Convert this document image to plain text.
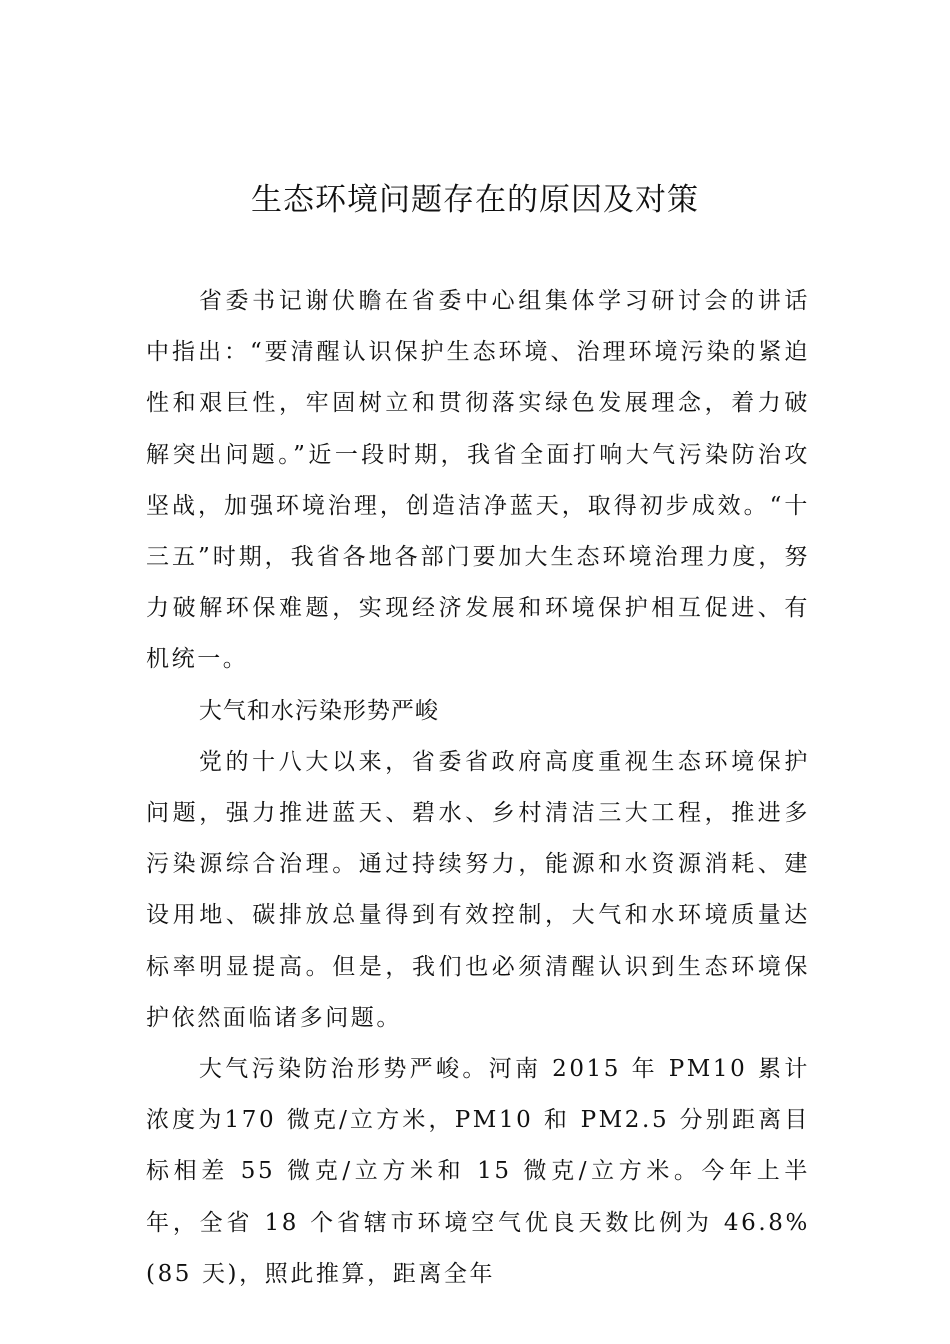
生态环境问题存在的原因及对策

省委书记谢伏瞻在省委中心组集体学习研讨会的讲话中指出：“要清醒认识保护生态环境、治理环境污染的紧迫性和艰巨性，牢固树立和贯彻落实绿色发展理念，着力破解突出问题。”近一段时期，我省全面打响大气污染防治攻坚战，加强环境治理，创造洁净蓝天，取得初步成效。“十三五”时期，我省各地各部门要加大生态环境治理力度，努力破解环保难题，实现经济发展和环境保护相互促进、有机统一。

大气和水污染形势严峻

党的十八大以来，省委省政府高度重视生态环境保护问题，强力推进蓝天、碧水、乡村清洁三大工程，推进多污染源综合治理。通过持续努力，能源和水资源消耗、建设用地、碳排放总量得到有效控制，大气和水环境质量达标率明显提高。但是，我们也必须清醒认识到生态环境保护依然面临诸多问题。

大气污染防治形势严峻。河南 2015 年 PM10 累计浓度为170 微克/立方米，PM10 和 PM2.5 分别距离目标相差 55 微克/立方米和 15 微克/立方米。今年上半年，全省 18 个省辖市环境空气优良天数比例为 46.8%(85 天)，照此推算，距离全年
